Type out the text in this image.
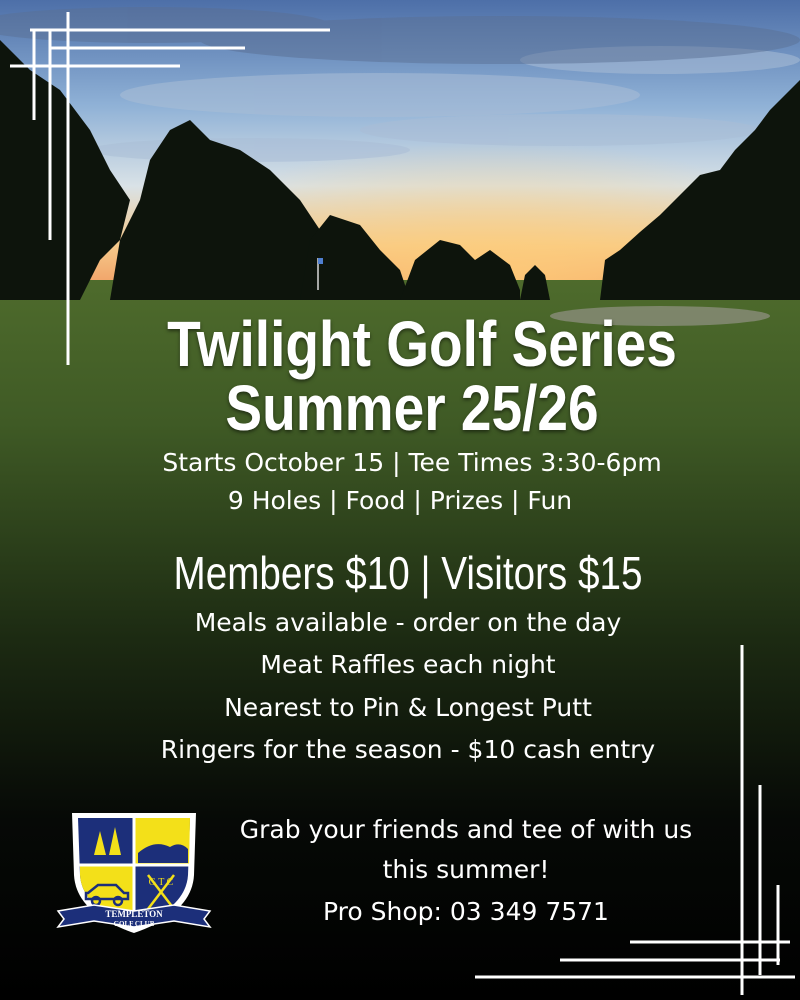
Twilight Golf Series
Summer 25/26
Starts October 15 | Tee Times 3:30-6pm
9 Holes | Food | Prizes | Fun
Members $10 | Visitors $15
Meals available - order on the day
Meat Raffles each night
Nearest to Pin & Longest Putt
Ringers for the season - $10 cash entry
Grab your friends and tee of with us
this summer!
Pro Shop: 03 349 7571
G T C
TEMPLETON
GOLF CLUB
